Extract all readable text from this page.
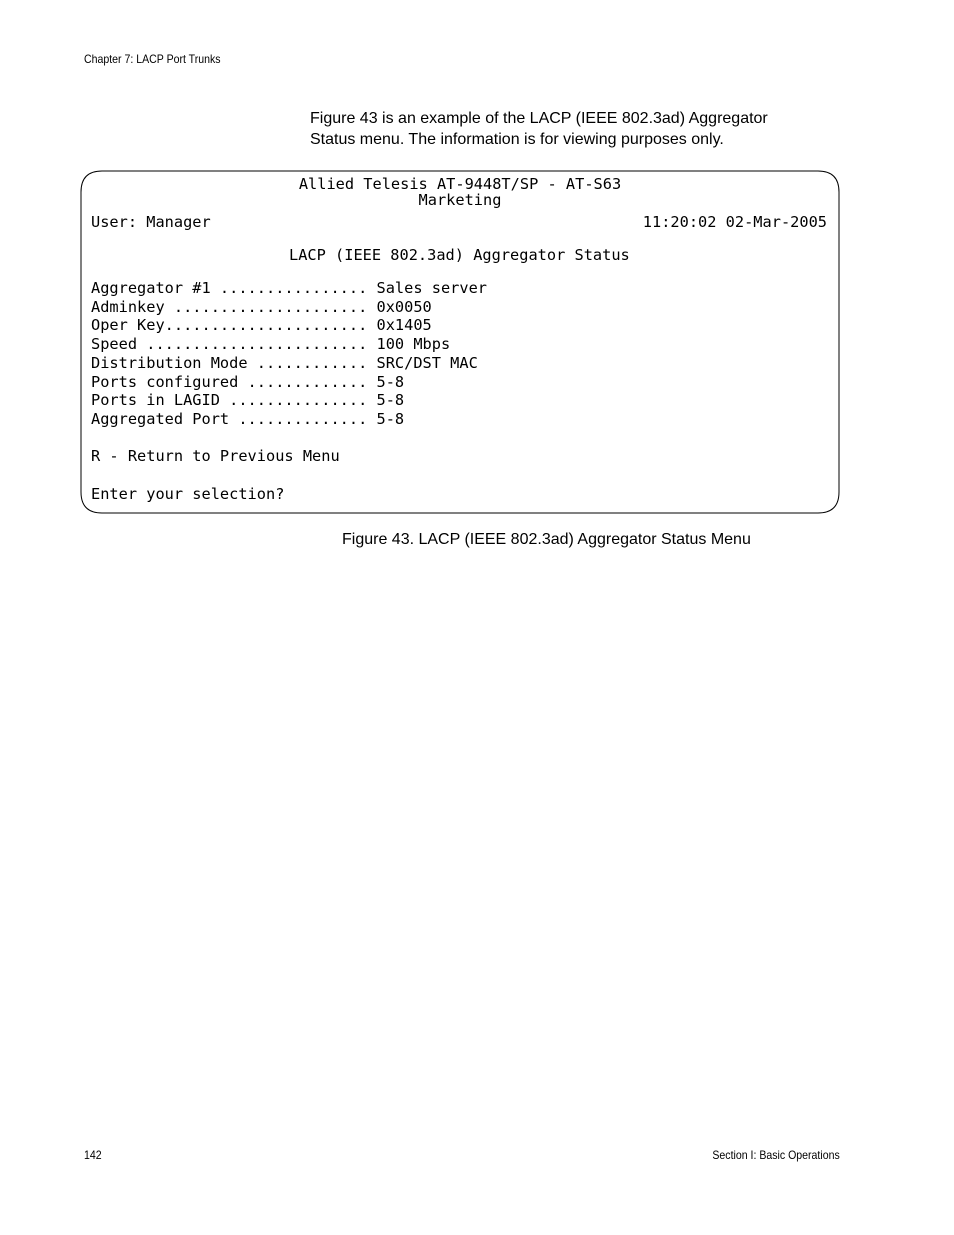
Chapter 7: LACP Port Trunks

Figure 43 is an example of the LACP (IEEE 802.3ad) Aggregator

Status menu. The information is for viewing purposes only.

Allied Telesis AT-9448T/SP - AT-S63
Marketing
User: Manager	11:20:02 02-Mar-2005
LACP (IEEE 802.3ad) Aggregator Status
Aggregator #1 ................ Sales server
Adminkey ..................... 0x0050
Oper Key...................... 0x1405
Speed ........................ 100 Mbps
Distribution Mode ............ SRC/DST MAC
Ports configured ............. 5-8
Ports in LAGID ............... 5-8
Aggregated Port .............. 5-8
R - Return to Previous Menu
Enter your selection?
Figure 43. LACP (IEEE 802.3ad) Aggregator Status Menu
142	Section I: Basic Operations
